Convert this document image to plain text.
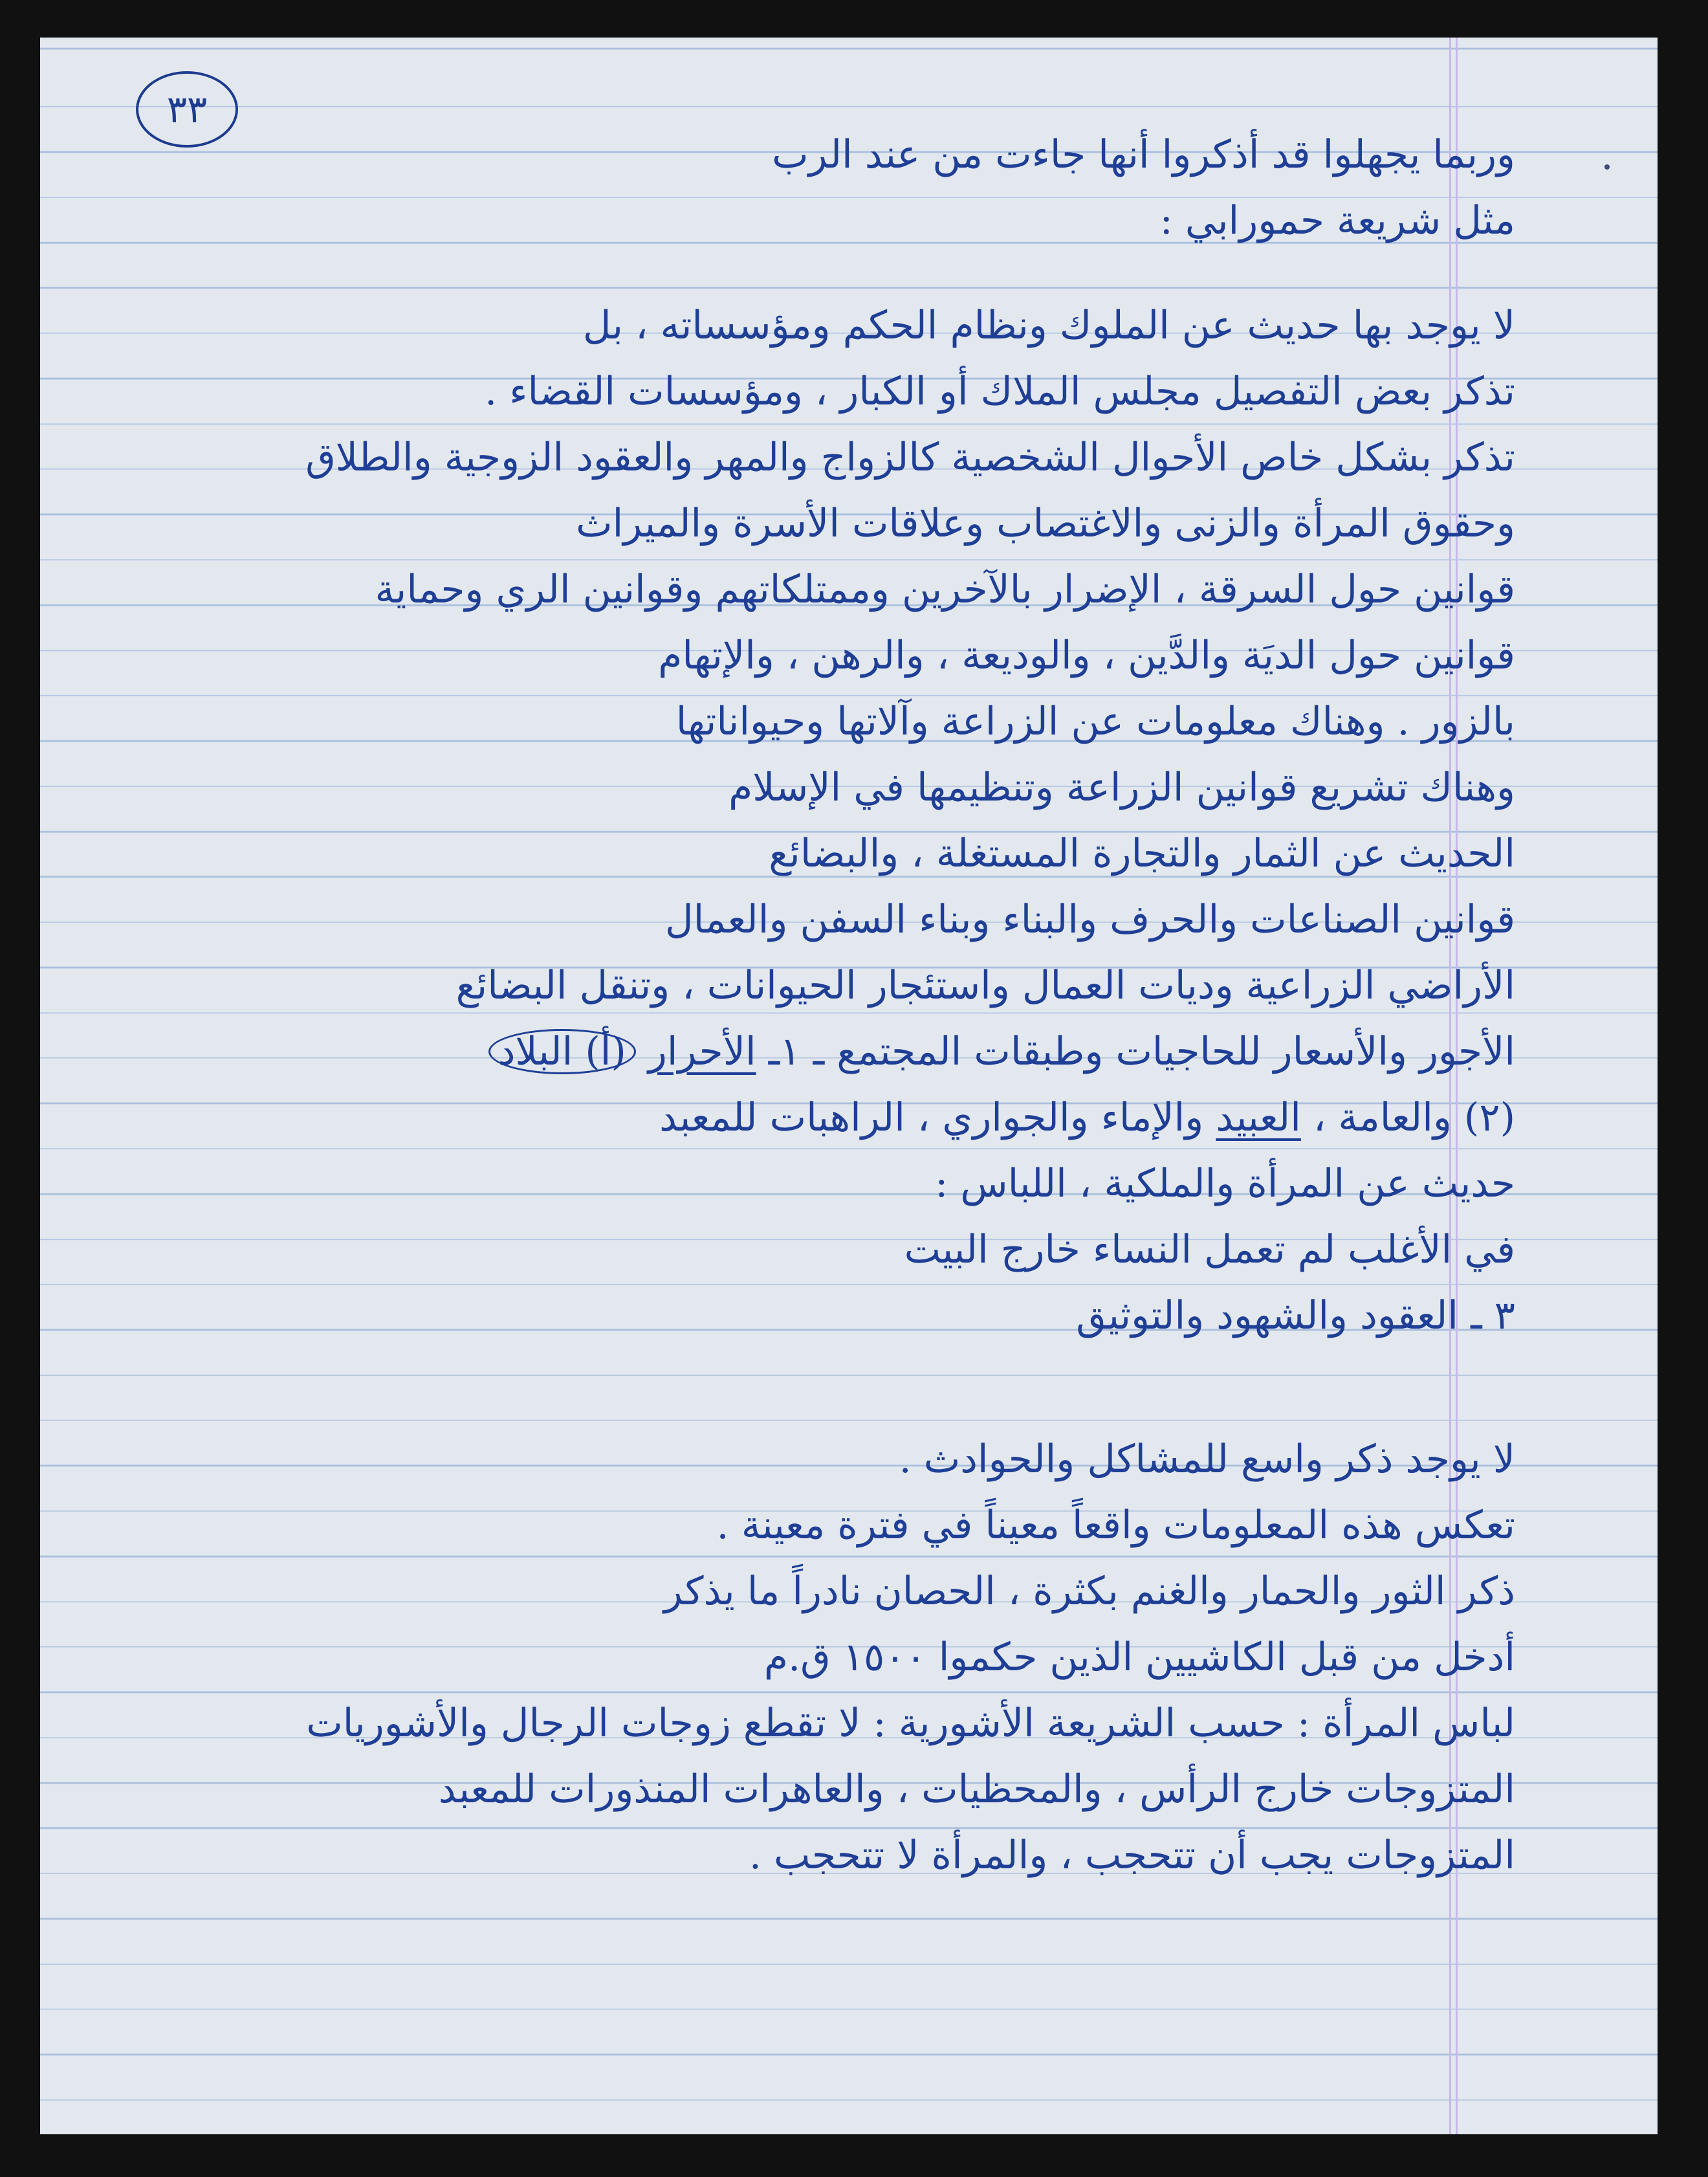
٣٣
وربما يجهلوا قد أذكروا أنها جاءت من عند الرب
مثل شريعة حمورابي :
لا يوجد بها حديث عن الملوك ونظام الحكم ومؤسساته ، بل
تذكر بعض التفصيل مجلس الملاك أو الكبار ، ومؤسسات القضاء .
تذكر بشكل خاص الأحوال الشخصية كالزواج والمهر والعقود الزوجية والطلاق
وحقوق المرأة والزنى والاغتصاب وعلاقات الأسرة والميراث
قوانين حول السرقة ، الإضرار بالآخرين وممتلكاتهم وقوانين الري وحماية
قوانين حول الديَة والدَّين ، والوديعة ، والرهن ، والإتهام
بالزور . وهناك معلومات عن الزراعة وآلاتها وحيواناتها
وهناك تشريع قوانين الزراعة وتنظيمها في الإسلام
الحديث عن الثمار والتجارة المستغلة ، والبضائع
قوانين الصناعات والحرف والبناء وبناء السفن والعمال
الأراضي الزراعية وديات العمال واستئجار الحيوانات ، وتنقل البضائع
الأجور والأسعار للحاجيات وطبقات المجتمع ـ ١ـ الأحرار (أ) البلاد
(٢) والعامة ، العبيد والإماء والجواري ، الراهبات للمعبد
حديث عن المرأة والملكية ، اللباس :
في الأغلب لم تعمل النساء خارج البيت
٣ ـ العقود والشهود والتوثيق
لا يوجد ذكر واسع للمشاكل والحوادث .
تعكس هذه المعلومات واقعاً معيناً في فترة معينة .
ذكر الثور والحمار والغنم بكثرة ، الحصان نادراً ما يذكر
أدخل من قبل الكاشيين الذين حكموا ١٥٠٠ ق.م
لباس المرأة : حسب الشريعة الأشورية : لا تقطع زوجات الرجال والأشوريات
المتزوجات خارج الرأس ، والمحظيات ، والعاهرات المنذورات للمعبد
المتزوجات يجب أن تتحجب ، والمرأة لا تتحجب .
